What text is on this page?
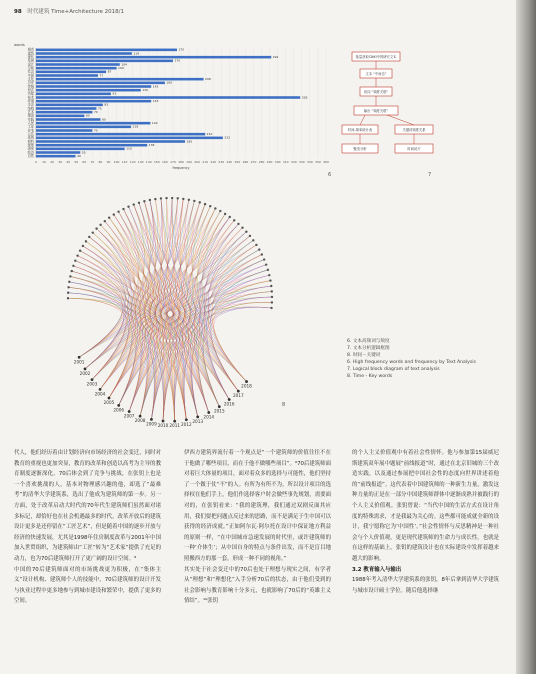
98 时代建筑 Time+Architecture 2018/1
words
0 10 20 30 40 50 60 70 80 90 100 110 120 130 140 150 160 170 180 190 200 210 220 230 240 250 260 270 280 290 300 310 320 330 340 350 360
城市	175
建筑	119
现代	292
发展	170
设计	104
空间	100
社会	87
中国	77
文化	208
历史	160
传统	143
形式	130
功能	93
技术	328
环境	143
生活	83
结构	75
艺术	70
理论	60
实践	80
人民	142
工业	118
住宅	70
公共	210
景观	232
材料	185
规划	138
国家	110
经济	55
自然	49
frequency
6
批量获取CNKI中的研究文本
文本 “中间态”
切词 “频度关联”
输出 “频度关联”
时间-频率统计表	关键词频度关系
聚类分析	时间切片
7
2001
2002
2003
2004
2005
2006
2007
2008
2009 2010 2011 2012
2013
2014
2015
2016
2017
2018
8
6. 文本高频词与频度
7. 文本分析逻辑框图
8. 时间－关键词
6. High frequency words and frequency by Text Analysis
7. Logical block diagram of text analysis
8. Time - Key words

代人，他们经历着由计划经济向市场经济的社会变迁，同时对教育的重视也更加突显，教育的改革和创造以高考为主导的教育制度逐渐深化。70后体会到了竞争与挑战，在张钥上也是一个喜欢挑战的人，基本对物理感兴趣的他，却选了“最难考”的清华大学建筑系，选出了他成为建筑师的第一步。另一方面，处于改革启动大时代的70年代生建筑师们虽然面对诸多标记，却恰好也在社会机遇最多的时代。改革开放后的建筑设计更多是还停留在“工匠艺术”，但是随着中国的逐步开放与经济的快速发展，尤其是1998年住房制度改革与2001年中国加入世贸组织，为建筑师由“工匠”转为“艺术家”提供了充足的动力，也为70后建筑师打开了更广阔的设计空间。⁸

中国的70后建筑师面对的市场挑战更为积极，在“集体主义”设计机构、建筑师个人的技能中，70后建筑师的设计开发与执业过程中更多地参与到城市建设和繁荣中，提供了更多的空间。

伊西方建筑界流行着一个观点是“一个建筑师的价值往往不在于他做了哪些项目，而在于他不做哪些项目”。⁹70后建筑师面对着巨大体量的项目，面对着众多的选择与可能性，他们坚持了一个做于仗“不”的人。有所为有所不为，所以设计项目的选择权在他们手上，他们作选择客户时会做些事先规划，需要面对的，在张钥看来：“我的建筑理，我们通过双剧反面其应用，我们要把问题点反过来的思路，而不是满足于生中国可以获得的经济成就。”正如阿尔瓦·阿尔托在设计中保证地方利益的原则一样，“在中国城市急速发展的时代里，或许建筑师的一种‘介体生’；从中国自身的特点与条件出发，而不是盲目地照搬西方的那一套，形成一种不同的视角。”

其实处于社会变迁中的70后也处于理想与现实之间，有学者从“理想”和“理想化”入手分析70后的状态，由于他们受到的社会影响与教育影响十分多元，也就影响了70后的“英雄主义情结”。¹⁰张钥

的个人主义价值观中有着社会性情怀。他与参加第15届威尼斯建筑双年展中题展“前线报道”时，通过在北京旧城的三个改造实践，以及通过参展把中国社会性的态度向世界讲述着他的“前线报道”。这代表着中国建筑师的一种新生力量，激发这种力量的正是在一部分中国建筑师群体中逐渐成熟并被践行的个人主义价值观。张钥曾说：“当代中国的生活方式在设计角度的特殊需求，才是我最为关心的。这些都可能成就全新的设计，我宁愿称它为‘中国性’。”社会性情怀与反思精神是一种社会与个人价值观，更是现代建筑师的生命力与成长性。也就是在这样的基础上，张钥的建筑设计也在实际建设中发挥着越来越大的影响。

3.2 教育输入与输出

1988年考入清华大学建筑系的张钥，8年后拿到清华大学建筑与城市设计硕士学位。随后他选择继
